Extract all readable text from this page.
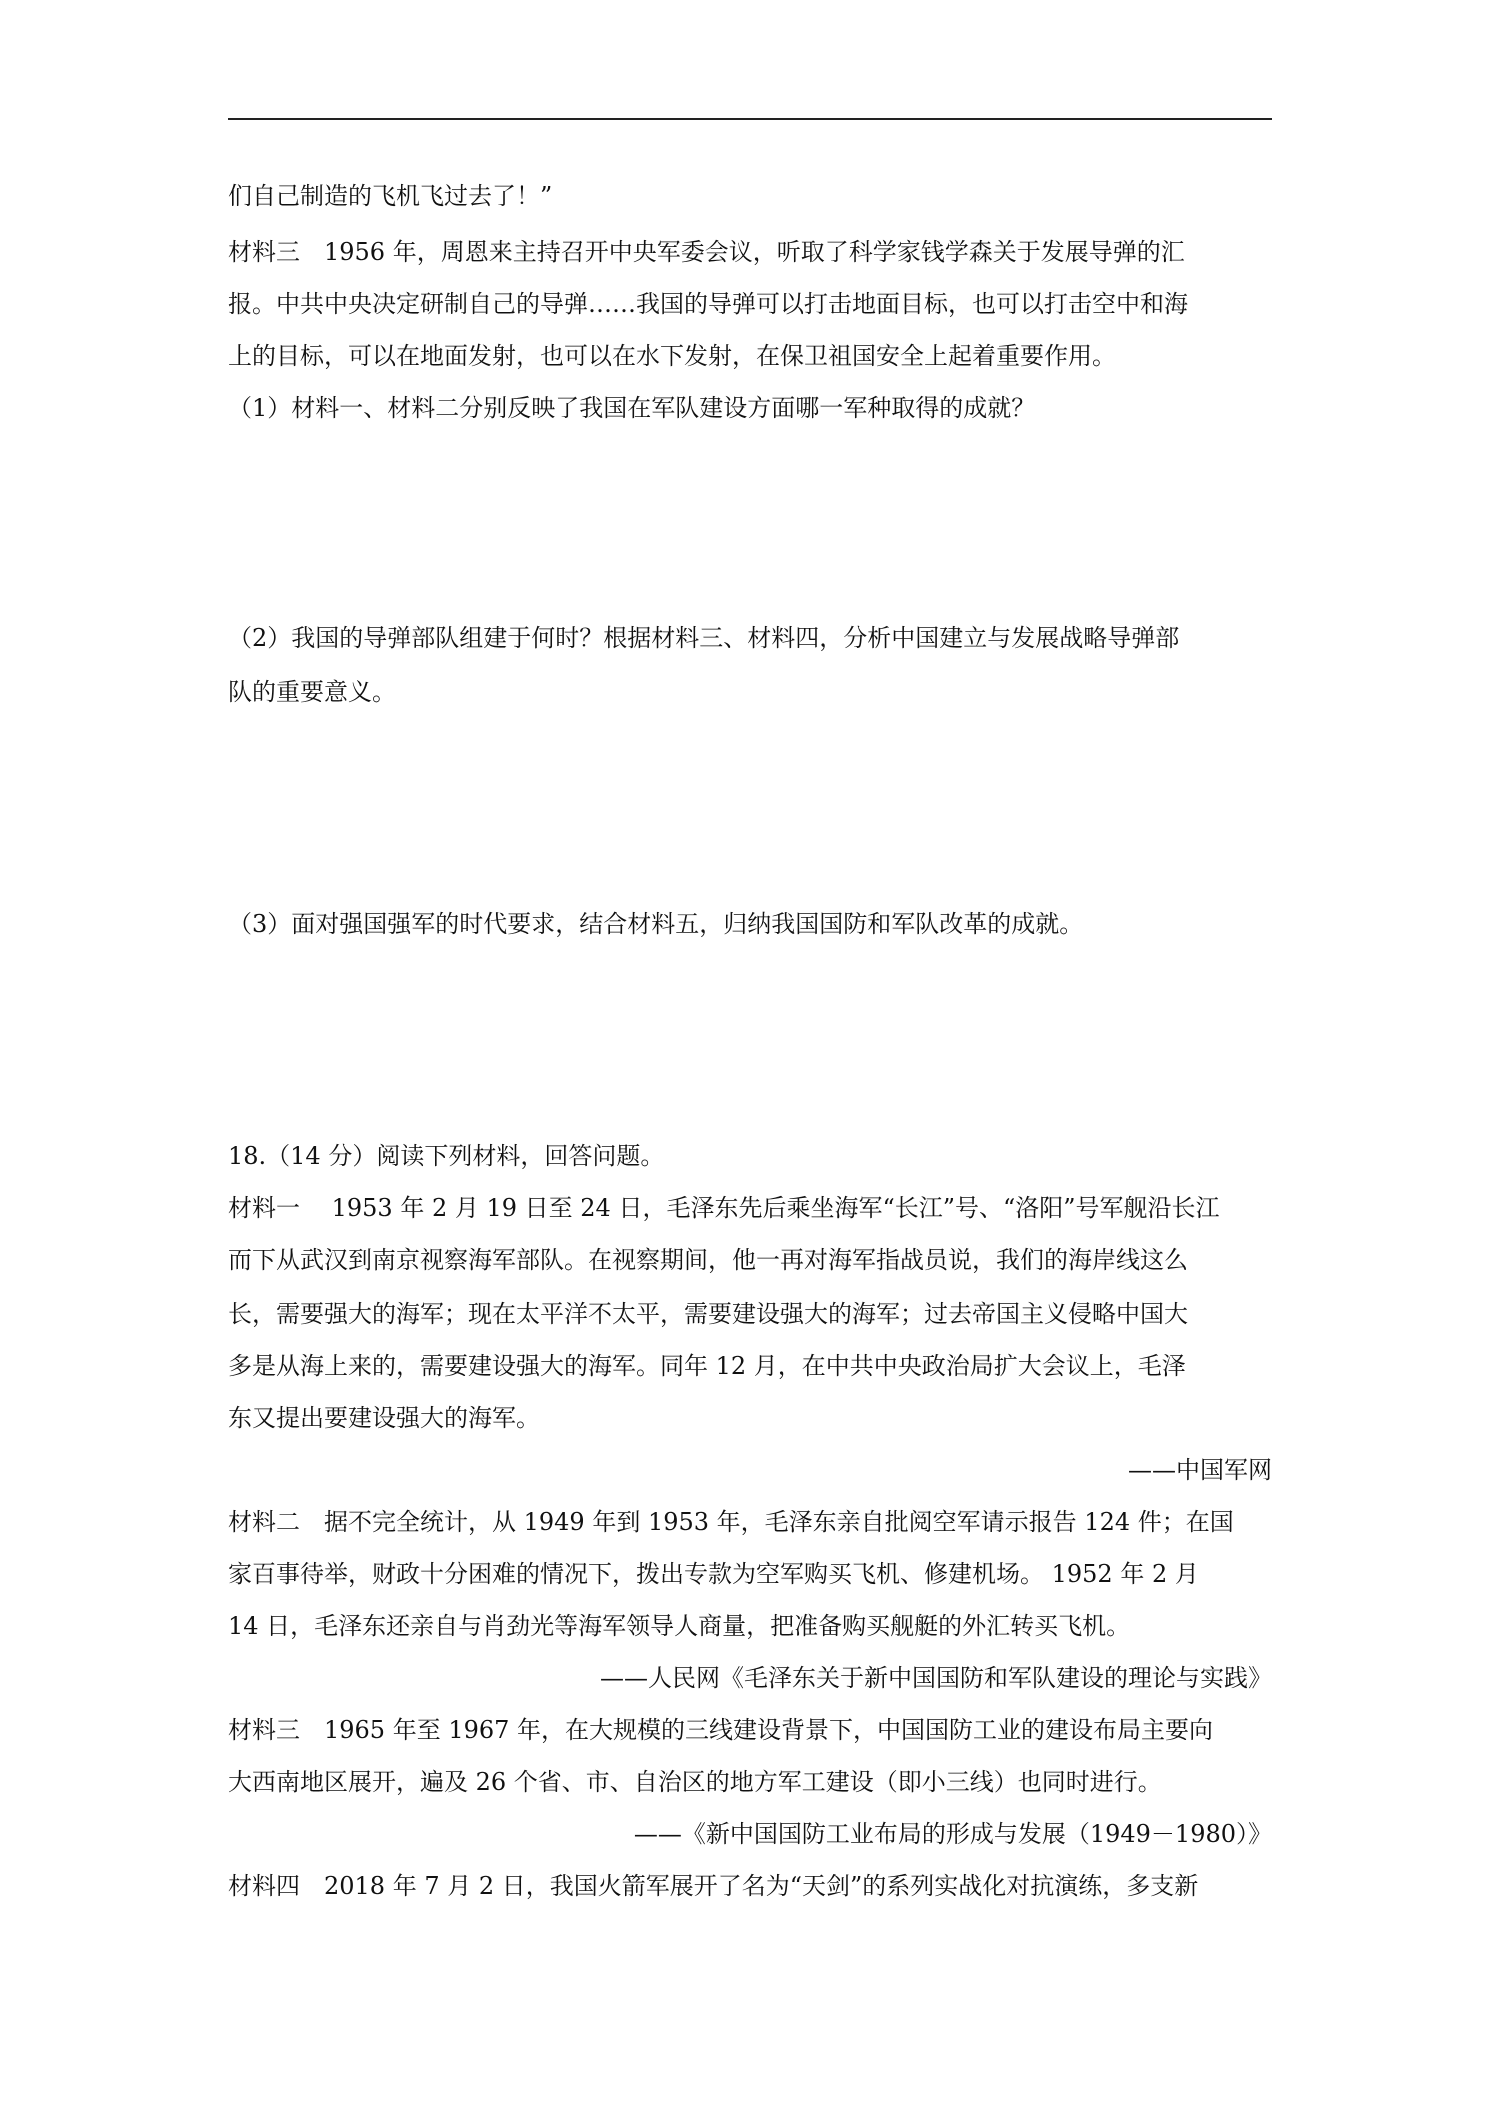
们自己制造的飞机飞过去了！”
材料三　1956 年，周恩来主持召开中央军委会议，听取了科学家钱学森关于发展导弹的汇
报。中共中央决定研制自己的导弹……我国的导弹可以打击地面目标，也可以打击空中和海
上的目标，可以在地面发射，也可以在水下发射，在保卫祖国安全上起着重要作用。
（1）材料一、材料二分别反映了我国在军队建设方面哪一军种取得的成就？
（2）我国的导弹部队组建于何时？根据材料三、材料四，分析中国建立与发展战略导弹部
队的重要意义。
（3）面对强国强军的时代要求，结合材料五，归纳我国国防和军队改革的成就。
18.（14 分）阅读下列材料，回答问题。
材料一　 1953 年 2 月 19 日至 24 日，毛泽东先后乘坐海军“长江”号、“洛阳”号军舰沿长江
而下从武汉到南京视察海军部队。在视察期间，他一再对海军指战员说，我们的海岸线这么
长，需要强大的海军；现在太平洋不太平，需要建设强大的海军；过去帝国主义侵略中国大
多是从海上来的，需要建设强大的海军。同年 12 月，在中共中央政治局扩大会议上，毛泽
东又提出要建设强大的海军。
——中国军网
材料二　据不完全统计，从 1949 年到 1953 年，毛泽东亲自批阅空军请示报告 124 件；在国
家百事待举，财政十分困难的情况下，拨出专款为空军购买飞机、修建机场。 1952 年 2 月
14 日，毛泽东还亲自与肖劲光等海军领导人商量，把准备购买舰艇的外汇转买飞机。
——人民网《毛泽东关于新中国国防和军队建设的理论与实践》
材料三　1965 年至 1967 年，在大规模的三线建设背景下，中国国防工业的建设布局主要向
大西南地区展开，遍及 26 个省、市、自治区的地方军工建设（即小三线）也同时进行。
——《新中国国防工业布局的形成与发展（1949－1980）》
材料四　2018 年 7 月 2 日，我国火箭军展开了名为“天剑”的系列实战化对抗演练，多支新
